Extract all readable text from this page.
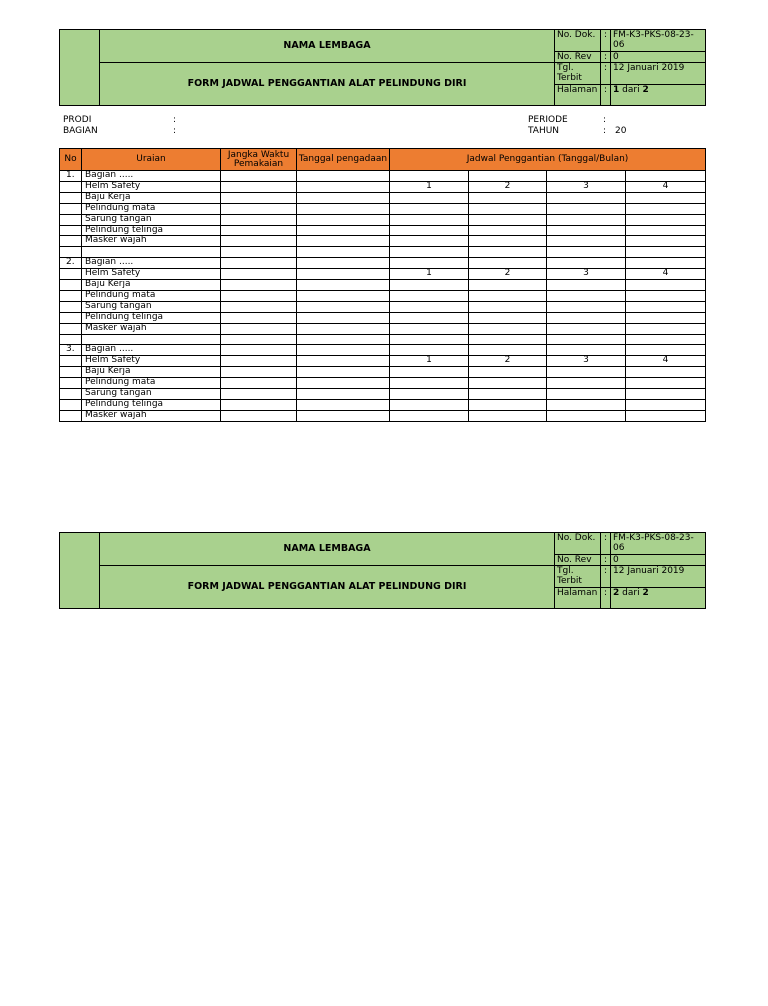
	NAMA LEMBAGA	No. Dok.	:	FM-K3-PKS-08-23-06
		No. Rev	:	0
	FORM JADWAL PENGGANTIAN ALAT PELINDUNG DIRI	Tgl. Terbit	:	12 Januari 2019
		Halaman	:	1 dari 2
PRODI	:
BAGIAN	:
PERIODE	:
TAHUN	: 20
No	Uraian	Jangka Waktu Pemakaian	Tanggal pengadaan	Jadwal Penggantian (Tanggal/Bulan)			
1.	Bagian .....						
	Helm Safety			1	2	3	4
	Baju Kerja						
	Pelindung mata						
	Sarung tangan						
	Pelindung telinga						
	Masker wajah						

2.	Bagian .....						
	Helm Safety			1	2	3	4
	Baju Kerja						
	Pelindung mata						
	Sarung tangan						
	Pelindung telinga						
	Masker wajah						

3.	Bagian .....						
	Helm Safety			1	2	3	4
	Baju Kerja						
	Pelindung mata						
	Sarung tangan						
	Pelindung telinga						
	Masker wajah						
	NAMA LEMBAGA	No. Dok.	:	FM-K3-PKS-08-23-06
		No. Rev	:	0
	FORM JADWAL PENGGANTIAN ALAT PELINDUNG DIRI	Tgl. Terbit	:	12 Januari 2019
		Halaman	:	2 dari 2
